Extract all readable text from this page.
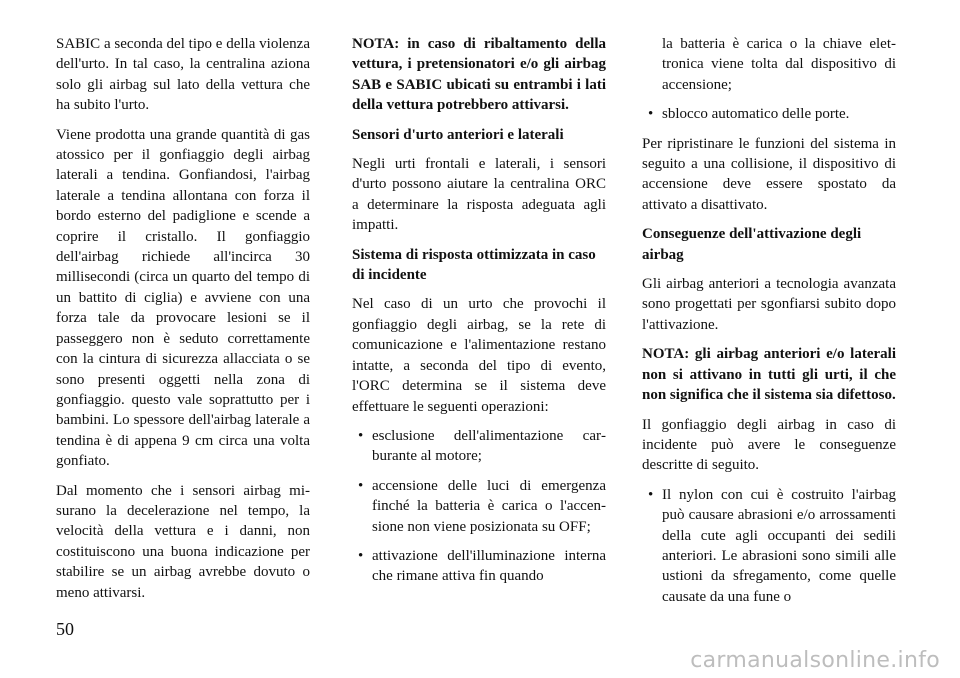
SABIC a seconda del tipo e della violenza dell'urto. In tal caso, la centralina aziona solo gli airbag sul lato della vettura che ha subito l'urto.

Viene prodotta una grande quantità di gas atossico per il gonfiaggio degli airbag laterali a tendina. Gonfiandosi, l'airbag laterale a tendina allontana con forza il bordo esterno del padiglione e scende a coprire il cristallo. Il gonfiaggio dell'airbag richiede all'incirca 30 millisecondi (circa un quarto del tempo di un battito di ciglia) e avviene con una forza tale da provocare lesioni se il passeggero non è seduto correttamente con la cintura di sicurezza allacciata o se sono presenti oggetti nella zona di gonfiaggio. questo vale soprattutto per i bambini. Lo spessore dell'airbag laterale a tendina è di appena 9 cm circa una volta gonfiato.

Dal momento che i sensori airbag misurano la decelerazione nel tempo, la velocità della vettura e i danni, non costituiscono una buona indicazione per stabilire se un airbag avrebbe dovuto o meno attivarsi.

NOTA: in caso di ribaltamento della vettura, i pretensionatori e/o gli airbag SAB e SABIC ubicati su entrambi i lati della vettura potrebbero attivarsi.

Sensori d'urto anteriori e laterali

Negli urti frontali e laterali, i sensori d'urto possono aiutare la centralina ORC a determinare la risposta adeguata agli impatti.

Sistema di risposta ottimizzata in caso di incidente

Nel caso di un urto che provochi il gonfiaggio degli airbag, se la rete di comunicazione e l'alimentazione restano intatte, a seconda del tipo di evento, l'ORC determina se il sistema deve effettuare le seguenti operazioni:

• esclusione dell'alimentazione carburante al motore;

• accensione delle luci di emergenza finché la batteria è carica o l'accensione non viene posizionata su OFF;

• attivazione dell'illuminazione interna che rimane attiva fin quando

la batteria è carica o la chiave elettronica viene tolta dal dispositivo di accensione;

• sblocco automatico delle porte.

Per ripristinare le funzioni del sistema in seguito a una collisione, il dispositivo di accensione deve essere spostato da attivato a disattivato.

Conseguenze dell'attivazione degli airbag

Gli airbag anteriori a tecnologia avanzata sono progettati per sgonfiarsi subito dopo l'attivazione.

NOTA: gli airbag anteriori e/o laterali non si attivano in tutti gli urti, il che non significa che il sistema sia difettoso.

Il gonfiaggio degli airbag in caso di incidente può avere le conseguenze descritte di seguito.

• Il nylon con cui è costruito l'airbag può causare abrasioni e/o arrossamenti della cute agli occupanti dei sedili anteriori. Le abrasioni sono simili alle ustioni da sfregamento, come quelle causate da una fune o

50
carmanualsonline.info
